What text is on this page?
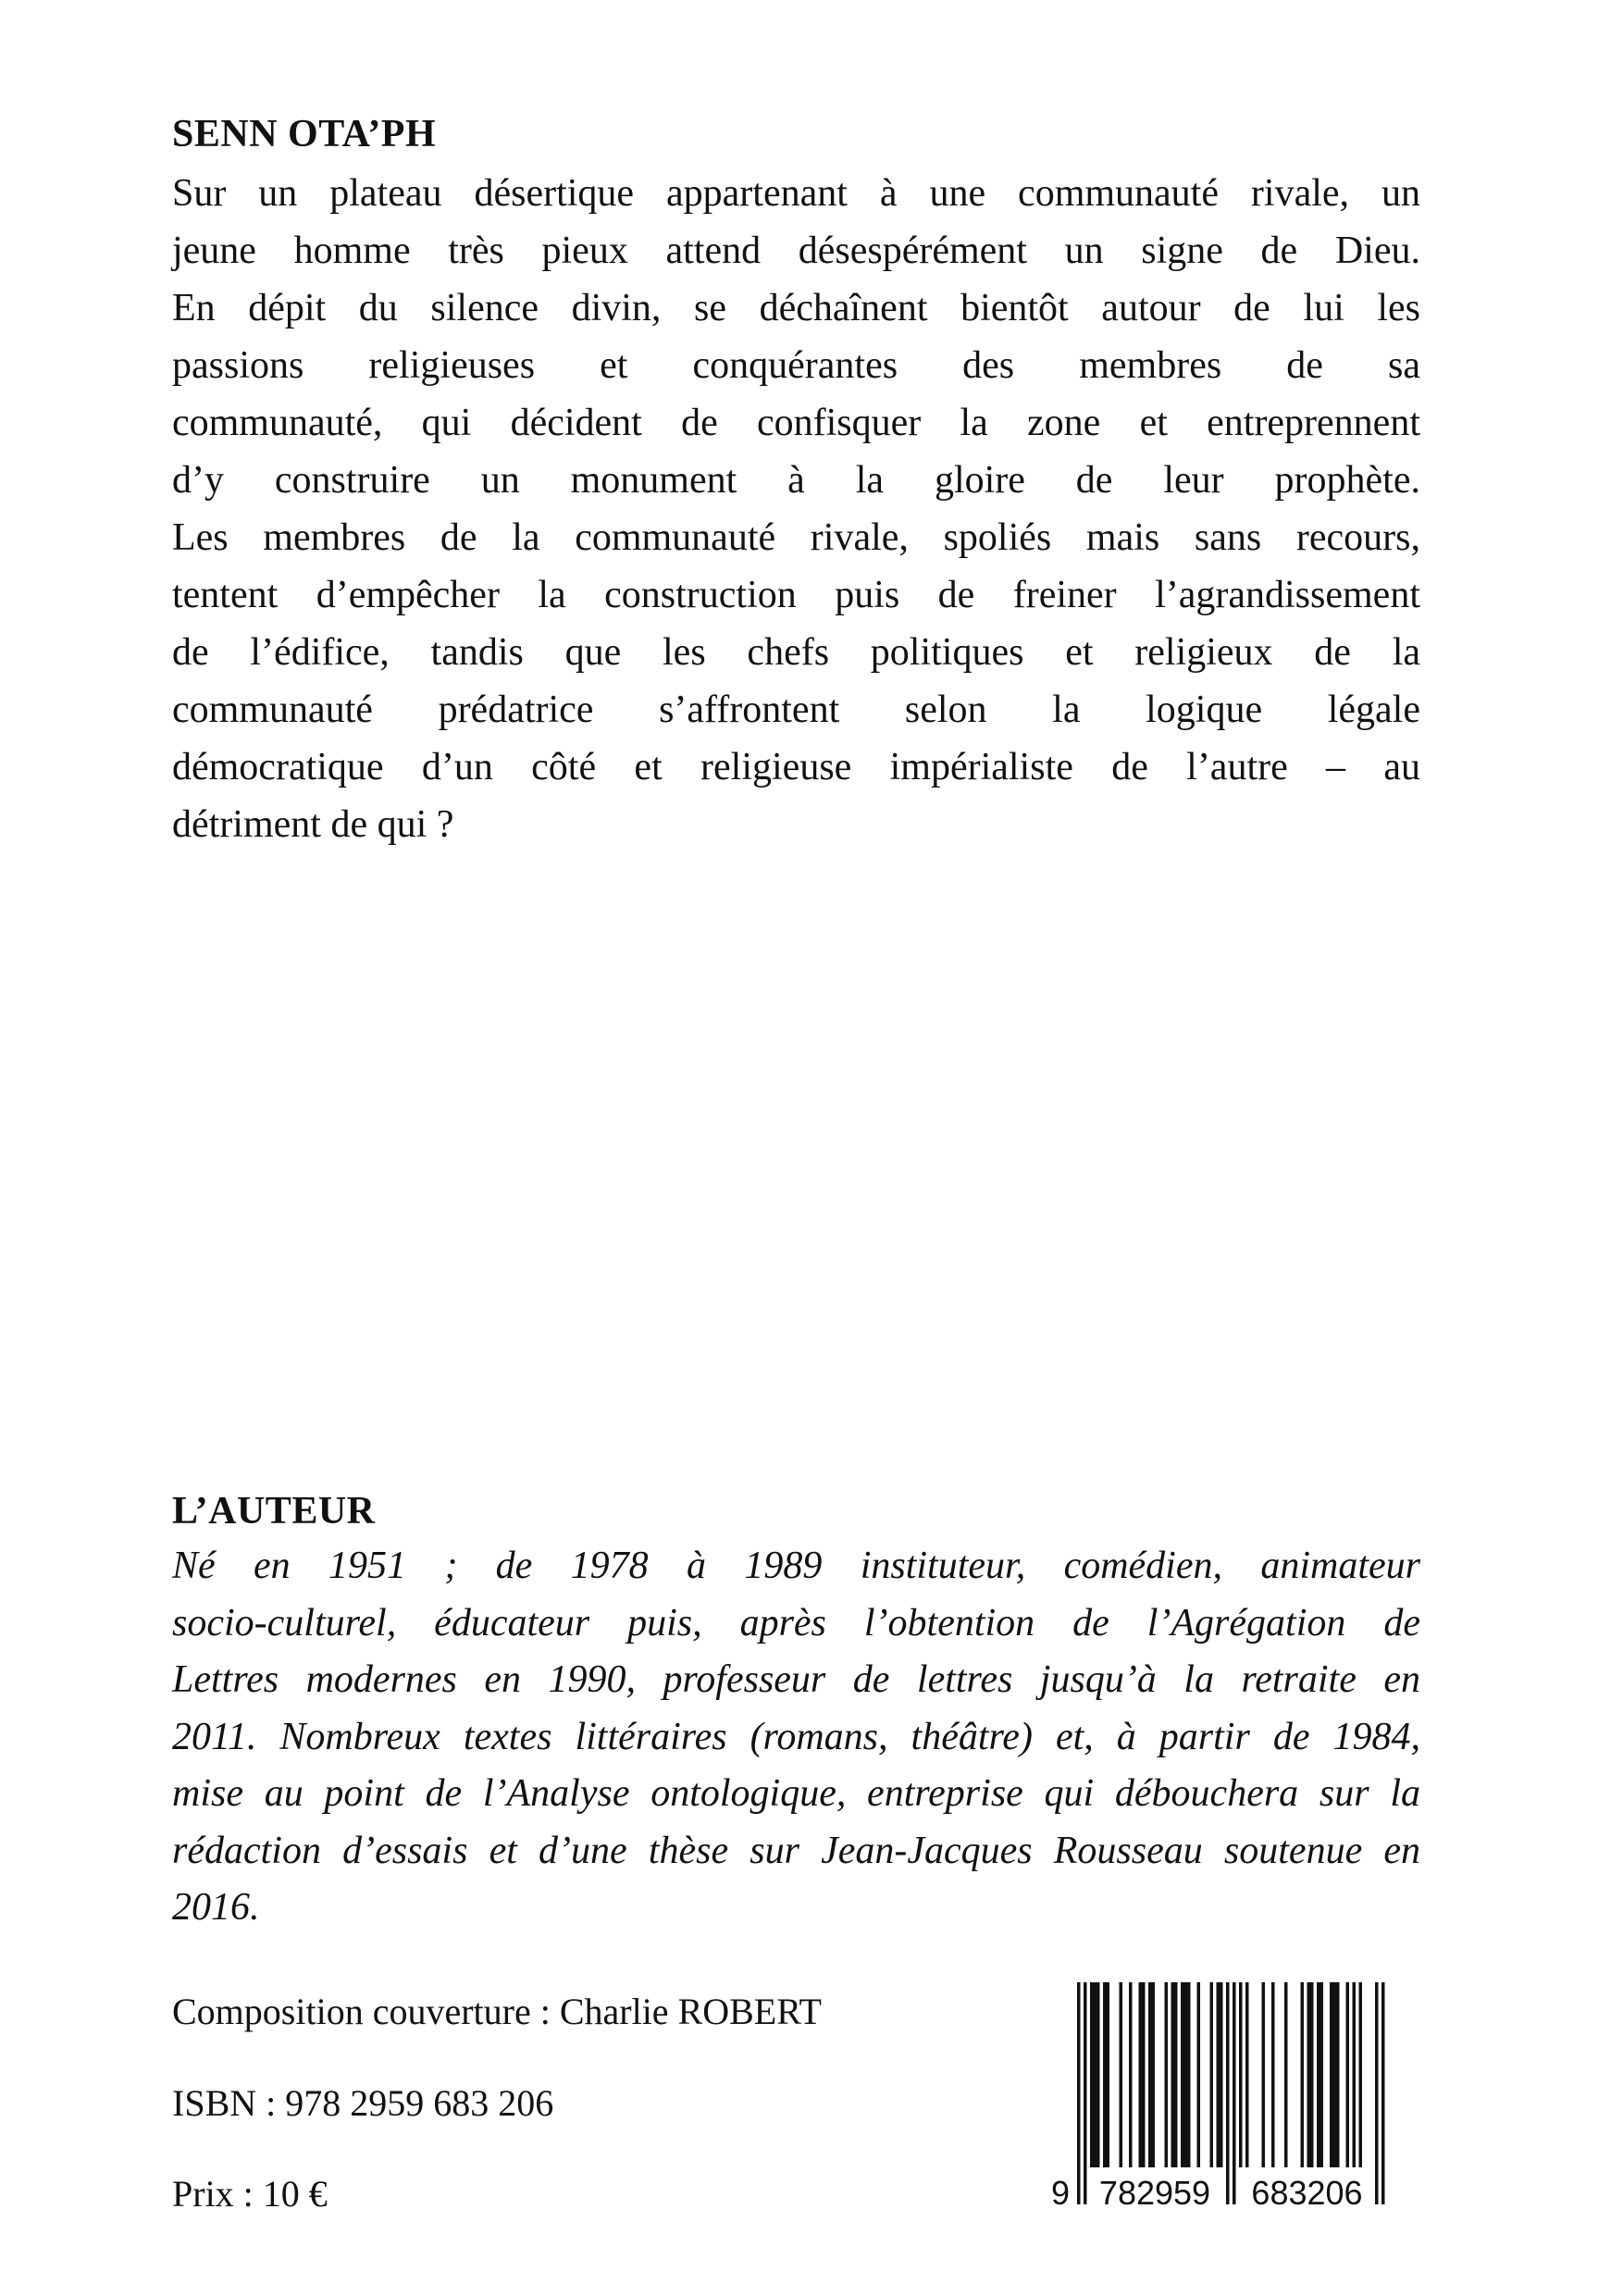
SENN OTA’PH
Sur un plateau désertique appartenant à une communauté rivale, un
jeune homme très pieux attend désespérément un signe de Dieu.
En dépit du silence divin, se déchaînent bientôt autour de lui les
passions religieuses et conquérantes des membres de sa
communauté, qui décident de confisquer la zone et entreprennent
d’y construire un monument à la gloire de leur prophète.
Les membres de la communauté rivale, spoliés mais sans recours,
tentent d’empêcher la construction puis de freiner l’agrandissement
de l’édifice, tandis que les chefs politiques et religieux de la
communauté prédatrice s’affrontent selon la logique légale
démocratique d’un côté et religieuse impérialiste de l’autre – au
détriment de qui ?
L’AUTEUR
Né en 1951 ; de 1978 à 1989 instituteur, comédien, animateur
socio-culturel, éducateur puis, après l’obtention de l’Agrégation de
Lettres modernes en 1990, professeur de lettres jusqu’à la retraite en
2011. Nombreux textes littéraires (romans, théâtre) et, à partir de 1984,
mise au point de l’Analyse ontologique, entreprise qui débouchera sur la
rédaction d’essais et d’une thèse sur Jean-Jacques Rousseau soutenue en
2016.

Composition couverture : Charlie ROBERT

ISBN : 978 2959 683 206

Prix : 10 €	9 782959 683206
